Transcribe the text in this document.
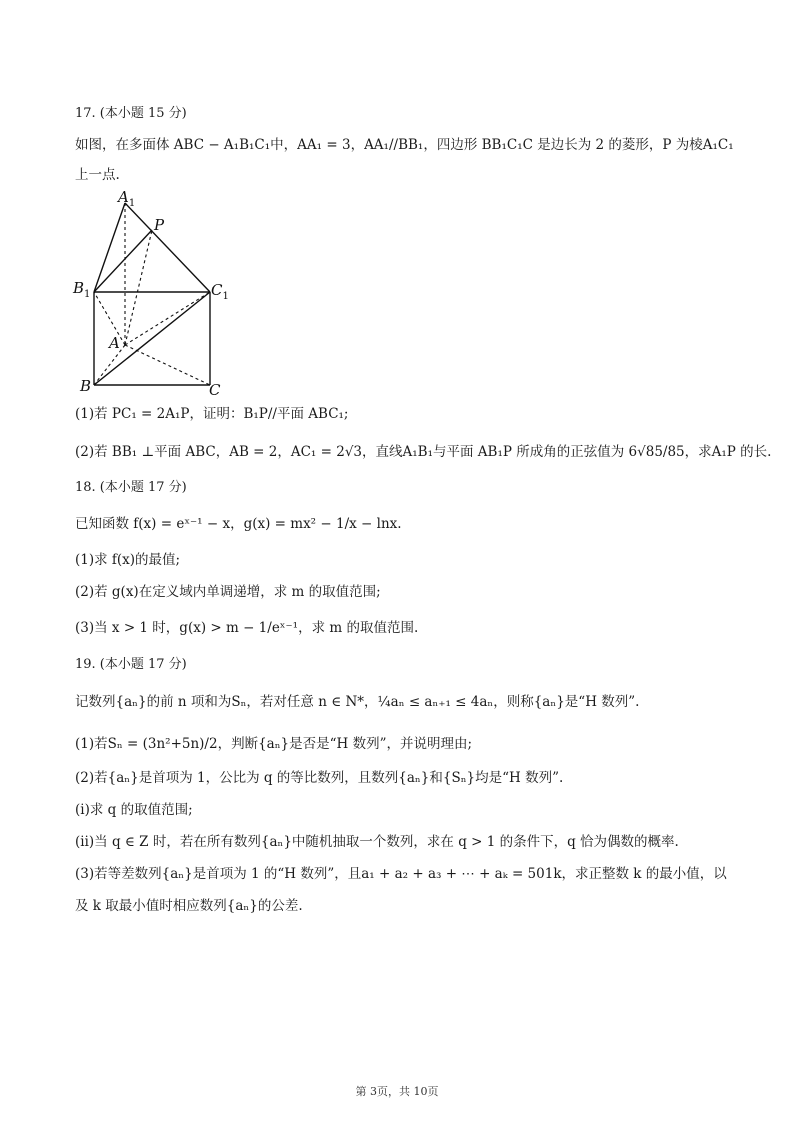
17. (本小题 15 分)
如图，在多面体 ABC − A₁B₁C₁中，AA₁ = 3，AA₁//BB₁，四边形 BB₁C₁C 是边长为 2 的菱形，P 为棱A₁C₁
上一点.
$A_1$
P
$B_1$	$C_1$
A
B	C
(1)若 PC₁ = 2A₁P，证明：B₁P//平面 ABC₁;
(2)若 BB₁ ⊥平面 ABC，AB = 2，AC₁ = 2√3，直线A₁B₁与平面 AB₁P 所成角的正弦值为 6√85/85，求A₁P 的长.
18. (本小题 17 分)
已知函数 f(x) = eˣ⁻¹ − x，g(x) = mx² − 1/x − lnx.
(1)求 f(x)的最值;
(2)若 g(x)在定义域内单调递增，求 m 的取值范围;
(3)当 x > 1 时，g(x) > m − 1/eˣ⁻¹，求 m 的取值范围.
19. (本小题 17 分)
记数列{aₙ}的前 n 项和为Sₙ，若对任意 n ∈ N*，¼aₙ ≤ aₙ₊₁ ≤ 4aₙ，则称{aₙ}是“H 数列”.
(1)若Sₙ = (3n²+5n)/2，判断{aₙ}是否是“H 数列”，并说明理由;
(2)若{aₙ}是首项为 1，公比为 q 的等比数列，且数列{aₙ}和{Sₙ}均是“H 数列”.
(ⅰ)求 q 的取值范围;
(ⅱ)当 q ∈ Z 时，若在所有数列{aₙ}中随机抽取一个数列，求在 q > 1 的条件下，q 恰为偶数的概率.
(3)若等差数列{aₙ}是首项为 1 的“H 数列”，且a₁ + a₂ + a₃ + ⋯ + aₖ = 501k，求正整数 k 的最小值，以
及 k 取最小值时相应数列{aₙ}的公差.
第 3页，共 10页
